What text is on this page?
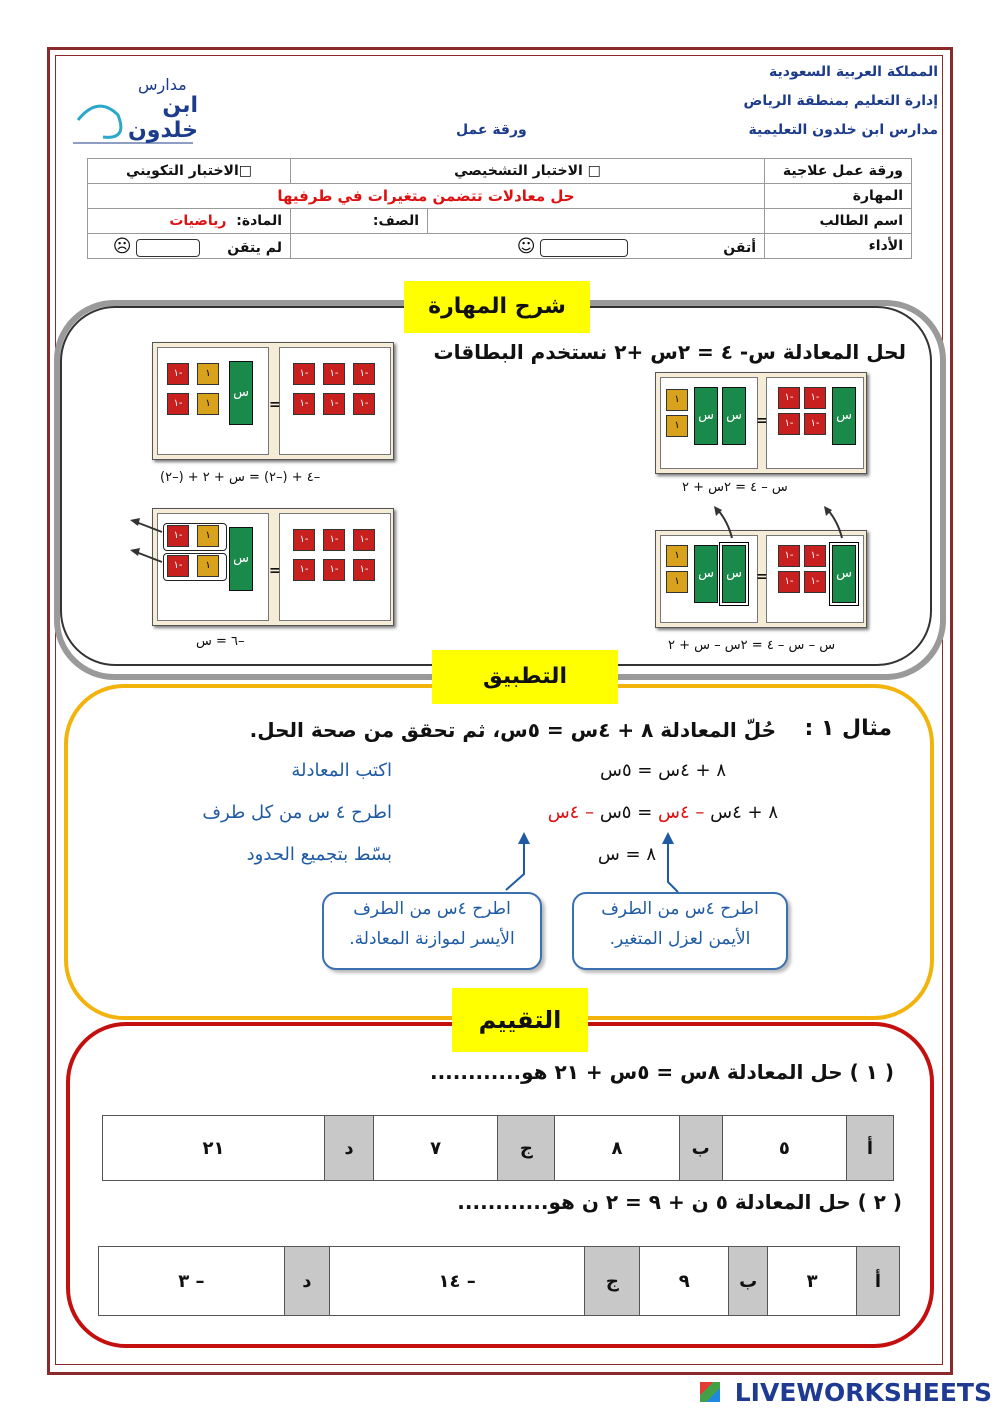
المملكة العربية السعودية
إدارة التعليم بمنطقة الرياض
مدارس ابن خلدون التعليمية
ورقة عمل
مدارس
ابن خلدون
ورقة عمل علاجية	□ الاختبار التشخيصي		□الاختبار التكويني
المهارة	حل معادلات تتضمن متغيرات في طرفيها		
اسم الطالب		الصف:	المادة:  رياضيات
الأداء	أتقن  ☺		لم يتقن  ☹
شرح المهارة
لحل المعادلة س- ٤ = ٢س +٢ نستخدم البطاقات
١
١
س س =
١-	١-
١-	١-
س
س – ٤ = ٢س + ٢
١-
١-
١
١
س
=
١-	١-	١-
١-	١-	١-
–٤ + (–٢) = س + ٢ + (–٢)
١
١
س س =
١-	١-
١-	١-
س
س – س – ٤ = ٢س – س + ٢
١-
١-
١
١	س
=
١-	١-	١-
١-	١-	١-
–٦ = س
التطبيق
مثال ١ :
حُلّ المعادلة ٨ + ٤س = ٥س، ثم تحقق من صحة الحل.
٨ + ٤س = ٥س
اكتب المعادلة
٨ + ٤س – ٤س = ٥س – ٤س
اطرح ٤ س من كل طرف
٨ = س
بسّط بتجميع الحدود
اطرح ٤س من الطرف
الأيسر لموازنة المعادلة.
اطرح ٤س من الطرف
الأيمن لعزل المتغير.
التقييم
( ١ ) حل المعادلة ٨س = ٥س + ٢١ هو............
أ	٥	ب	٨	ج	٧	د	٢١
( ٢ ) حل المعادلة ٥ ن + ٩ = ٢ ن هو............
أ	٣	ب	٩	ج	– ١٤	د	– ٣
LIVEWORKSHEETS
